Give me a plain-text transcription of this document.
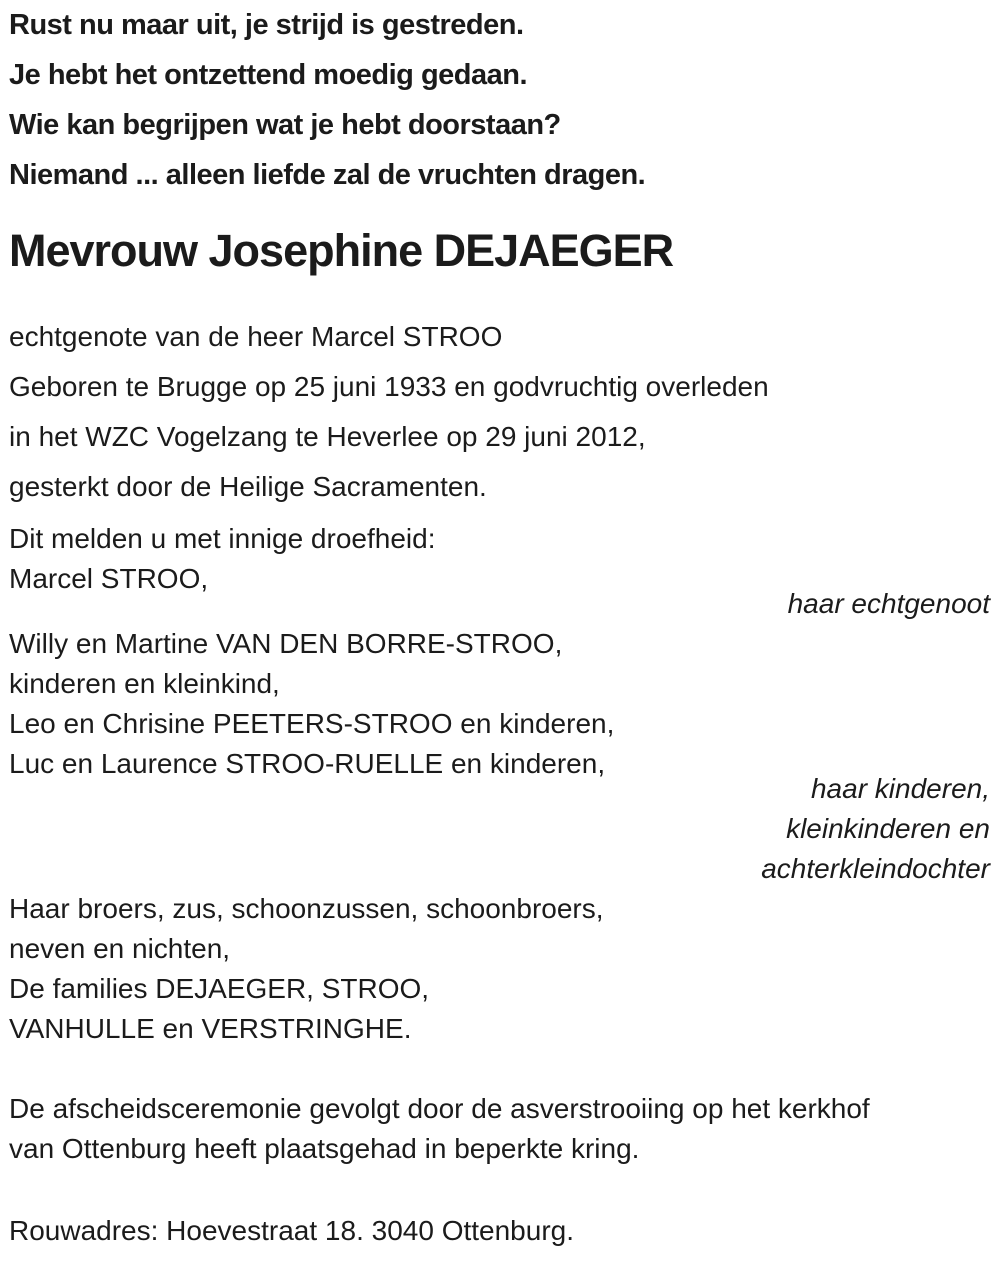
Rust nu maar uit, je strijd is gestreden.
Je hebt het ontzettend moedig gedaan.
Wie kan begrijpen wat je hebt doorstaan?
Niemand ... alleen liefde zal de vruchten dragen.
Mevrouw Josephine DEJAEGER
echtgenote van de heer Marcel STROO
Geboren te Brugge op 25 juni 1933 en godvruchtig overleden
in het WZC Vogelzang te Heverlee op 29 juni 2012,
gesterkt door de Heilige Sacramenten.
Dit melden u met innige droefheid:
Marcel STROO,
haar echtgenoot
Willy en Martine VAN DEN BORRE-STROO,
kinderen en kleinkind,
Leo en Chrisine PEETERS-STROO en kinderen,
Luc en Laurence STROO-RUELLE en kinderen,
haar kinderen,
kleinkinderen en
achterkleindochter
Haar broers, zus, schoonzussen, schoonbroers,
neven en nichten,
De families DEJAEGER, STROO,
VANHULLE en VERSTRINGHE.
De afscheidsceremonie gevolgt door de asverstrooiing op het kerkhof
van Ottenburg heeft plaatsgehad in beperkte kring.
Rouwadres: Hoevestraat 18. 3040 Ottenburg.
